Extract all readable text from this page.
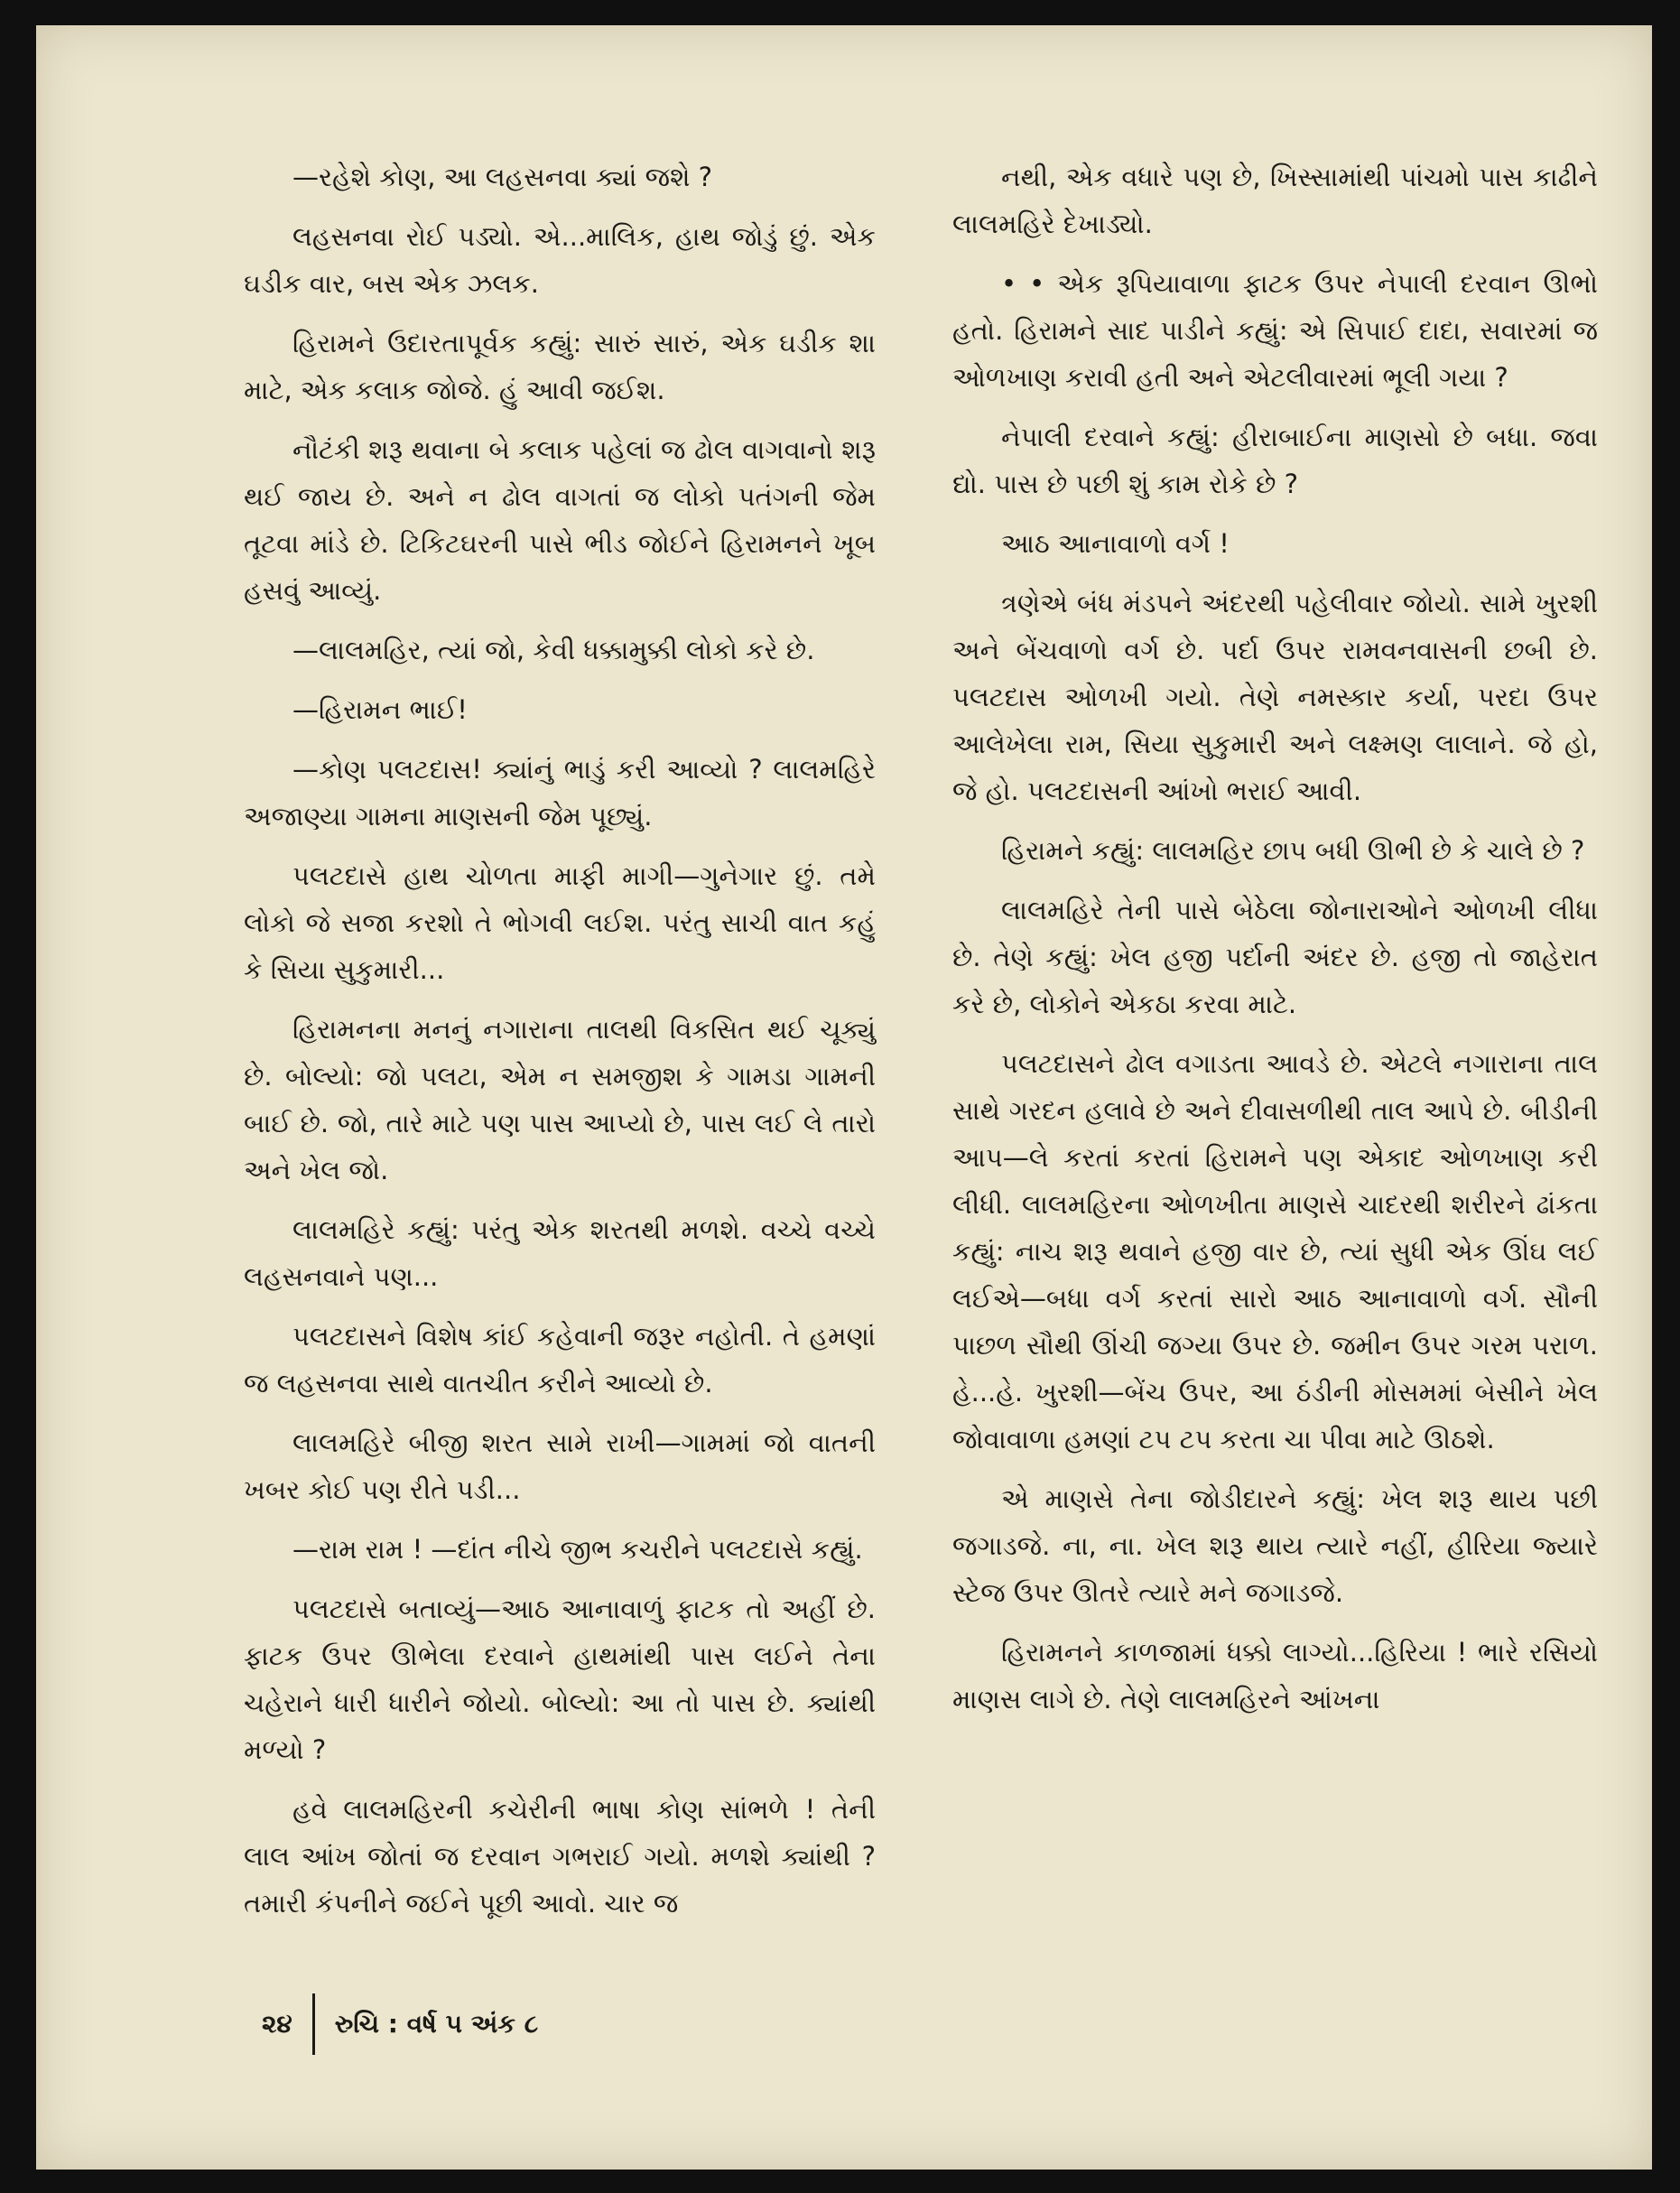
—રહેશે કોણ, આ લહસનવા ક્યાં જશે ?

લહસનવા રોઈ પડ્યો. એ...માલિક, હાથ જોડું છું. એક ઘડીક વાર, બસ એક ઝલક.

હિરામને ઉદારતાપૂર્વક કહ્યું: સારું સારું, એક ઘડીક શા માટે, એક કલાક જોજે. હું આવી જઈશ.

નૌટંકી શરૂ થવાના બે કલાક પહેલાં જ ઢોલ વાગવાનો શરૂ થઈ જાય છે. અને ન ઢોલ વાગતાં જ લોકો પતંગની જેમ તૂટવા માંડે છે. ટિકિટઘરની પાસે ભીડ જોઈને હિરામનને ખૂબ હસવું આવ્યું.

—લાલમહિર, ત્યાં જો, કેવી ધક્કામુક્કી લોકો કરે છે.

—હિરામન ભાઈ!

—કોણ પલટદાસ! ક્યાંનું ભાડું કરી આવ્યો ? લાલમહિરે અજાણ્યા ગામના માણસની જેમ પૂછ્યું.

પલટદાસે હાથ ચોળતા માફી માગી—ગુનેગાર છું. તમે લોકો જે સજા કરશો તે ભોગવી લઈશ. પરંતુ સાચી વાત કહું કે સિયા સુકુમારી...

હિરામનના મનનું નગારાના તાલથી વિકસિત થઈ ચૂક્યું છે. બોલ્યો: જો પલટા, એમ ન સમજીશ કે ગામડા ગામની બાઈ છે. જો, તારે માટે પણ પાસ આપ્યો છે, પાસ લઈ લે તારો અને ખેલ જો.

લાલમહિરે કહ્યું: પરંતુ એક શરતથી મળશે. વચ્ચે વચ્ચે લહસનવાને પણ...

પલટદાસને વિશેષ કાંઈ કહેવાની જરૂર નહોતી. તે હમણાં જ લહસનવા સાથે વાતચીત કરીને આવ્યો છે.

લાલમહિરે બીજી શરત સામે રાખી—ગામમાં જો વાતની ખબર કોઈ પણ રીતે પડી...

—રામ રામ ! —દાંત નીચે જીભ કચરીને પલટદાસે કહ્યું.

પલટદાસે બતાવ્યું—આઠ આનાવાળું ફાટક તો અહીં છે. ફાટક ઉપર ઊભેલા દરવાને હાથમાંથી પાસ લઈને તેના ચહેરાને ધારી ધારીને જોયો. બોલ્યો: આ તો પાસ છે. ક્યાંથી મળ્યો ?

હવે લાલમહિરની કચેરીની ભાષા કોણ સાંભળે ! તેની લાલ આંખ જોતાં જ દરવાન ગભરાઈ ગયો. મળશે ક્યાંથી ? તમારી કંપનીને જઈને પૂછી આવો. ચાર જ

નથી, એક વધારે પણ છે, ખિસ્સામાંથી પાંચમો પાસ કાઢીને લાલમહિરે દેખાડ્યો.

• • એક રૂપિયાવાળા ફાટક ઉપર નેપાલી દરવાન ઊભો હતો. હિરામને સાદ પાડીને કહ્યું: એ સિપાઈ દાદા, સવારમાં જ ઓળખાણ કરાવી હતી અને એટલીવારમાં ભૂલી ગયા ?

નેપાલી દરવાને કહ્યું: હીરાબાઈના માણસો છે બધા. જવા દ્યો. પાસ છે પછી શું કામ રોકે છે ?

આઠ આનાવાળો વર્ગ !

ત્રણેએ બંધ મંડપને અંદરથી પહેલીવાર જોયો. સામે ખુરશી અને બેંચવાળો વર્ગ છે. પર્દા ઉપર રામવનવાસની છબી છે. પલટદાસ ઓળખી ગયો. તેણે નમસ્કાર કર્યા, પરદા ઉપર આલેખેલા રામ, સિયા સુકુમારી અને લક્ષ્મણ લાલાને. જે હો, જે હો. પલટદાસની આંખો ભરાઈ આવી.

હિરામને કહ્યું: લાલમહિર છાપ બધી ઊભી છે કે ચાલે છે ?

લાલમહિરે તેની પાસે બેઠેલા જોનારાઓને ઓળખી લીધા છે. તેણે કહ્યું: ખેલ હજી પર્દાની અંદર છે. હજી તો જાહેરાત કરે છે, લોકોને એકઠા કરવા માટે.

પલટદાસને ઢોલ વગાડતા આવડે છે. એટલે નગારાના તાલ સાથે ગરદન હલાવે છે અને દીવાસળીથી તાલ આપે છે. બીડીની આપ—લે કરતાં કરતાં હિરામને પણ એકાદ ઓળખાણ કરી લીધી. લાલમહિરના ઓળખીતા માણસે ચાદરથી શરીરને ઢાંકતા કહ્યું: નાચ શરૂ થવાને હજી વાર છે, ત્યાં સુધી એક ઊંઘ લઈ લઈએ—બધા વર્ગ કરતાં સારો આઠ આનાવાળો વર્ગ. સૌની પાછળ સૌથી ઊંચી જગ્યા ઉપર છે. જમીન ઉપર ગરમ પરાળ. હે...હે. ખુરશી—બેંચ ઉપર, આ ઠંડીની મોસમમાં બેસીને ખેલ જોવાવાળા હમણાં ટપ ટપ કરતા ચા પીવા માટે ઊઠશે.

એ માણસે તેના જોડીદારને કહ્યું: ખેલ શરૂ થાય પછી જગાડજે. ના, ના. ખેલ શરૂ થાય ત્યારે નહીં, હીરિયા જ્યારે સ્ટેજ ઉપર ઊતરે ત્યારે મને જગાડજે.

હિરામનને કાળજામાં ધક્કો લાગ્યો...હિરિયા ! ભારે રસિયો માણસ લાગે છે. તેણે લાલમહિરને આંખના

૨૪ રુચિ : વર્ષ ૫ અંક ૮
